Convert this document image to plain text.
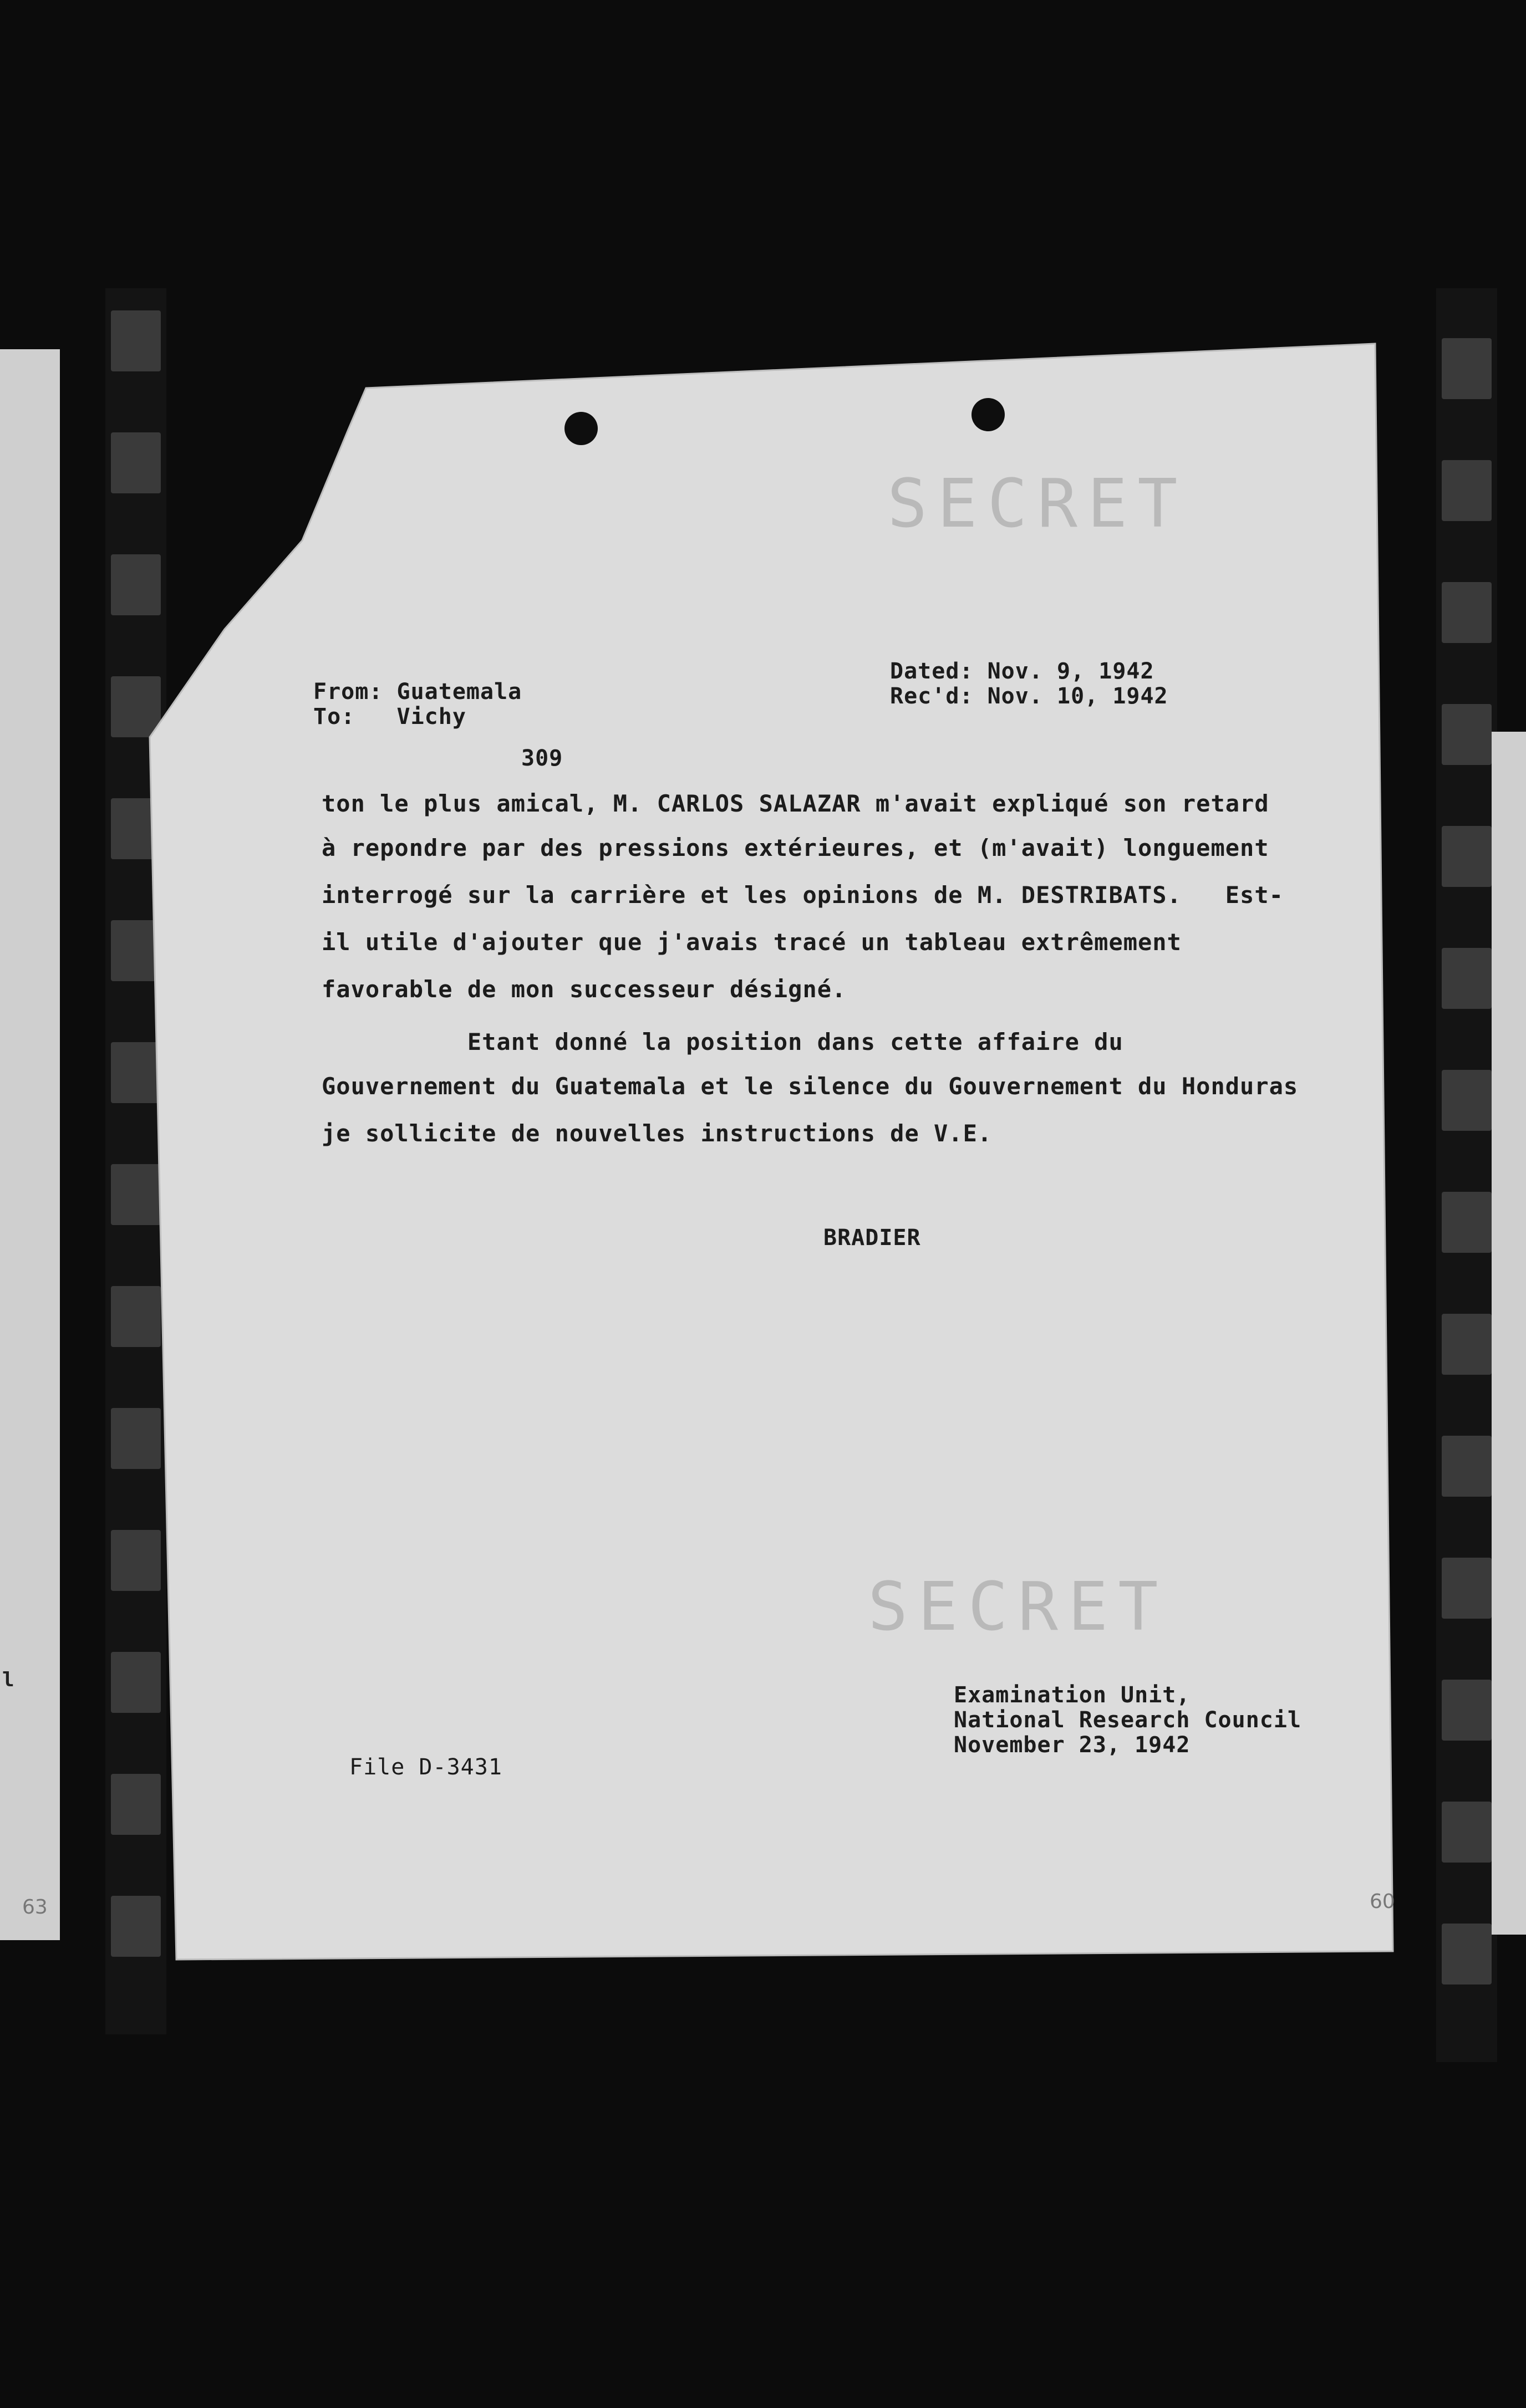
l
63
SECRET
SECRET
From: Guatemala
To:   Vichy
Dated: Nov. 9, 1942
Rec'd: Nov. 10, 1942
309
ton le plus amical, M. CARLOS SALAZAR m'avait expliqué son retard
à repondre par des pressions extérieures, et (m'avait) longuement
interrogé sur la carrière et les opinions de M. DESTRIBATS.   Est-
il utile d'ajouter que j'avais tracé un tableau extrêmement
favorable de mon successeur désigné.
Etant donné la position dans cette affaire du
Gouvernement du Guatemala et le silence du Gouvernement du Honduras
je sollicite de nouvelles instructions de V.E.
BRADIER
Examination Unit,
National Research Council
November 23, 1942
File D-3431
60
